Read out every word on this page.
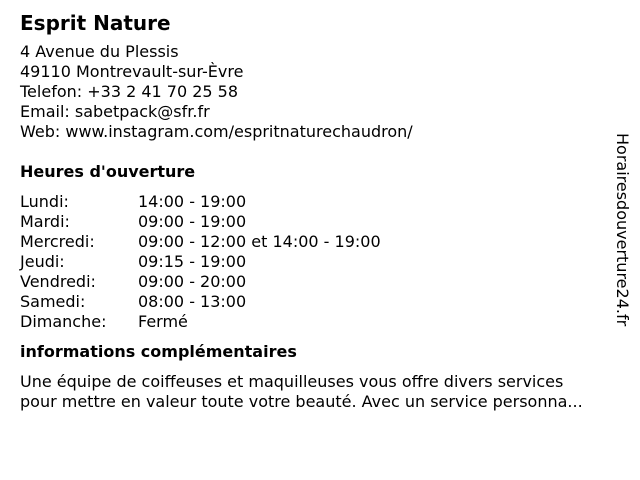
Esprit Nature
4 Avenue du Plessis
49110 Montrevault-sur-Èvre
Telefon: +33 2 41 70 25 58
Email: sabetpack@sfr.fr
Web: www.instagram.com/espritnaturechaudron/
Heures d'ouverture
Lundi:	14:00 - 19:00
Mardi:	09:00 - 19:00
Mercredi:	09:00 - 12:00 et 14:00 - 19:00
Jeudi:	09:15 - 19:00
Vendredi:	09:00 - 20:00
Samedi:	08:00 - 13:00
Dimanche:	Fermé
informations complémentaires
Une équipe de coiffeuses et maquilleuses vous offre divers services
pour mettre en valeur toute votre beauté. Avec un service personna...
Horairesdouverture24.fr
